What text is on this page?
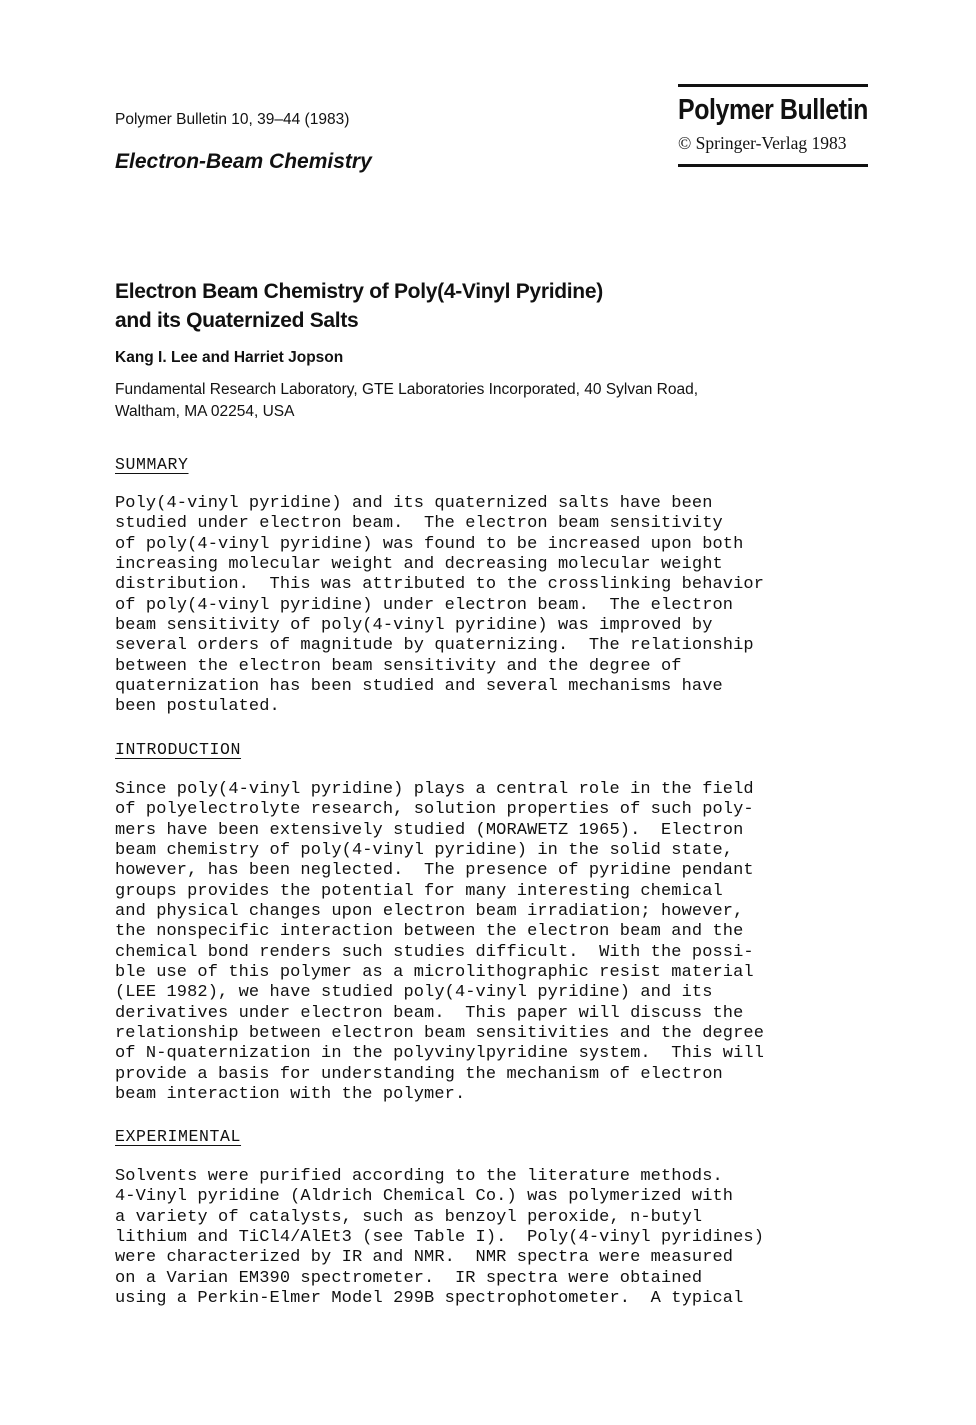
Polymer Bulletin 10, 39–44 (1983)
Electron-Beam Chemistry
Polymer Bulletin
© Springer-Verlag 1983
Electron Beam Chemistry of Poly(4-Vinyl Pyridine)
and its Quaternized Salts
Kang I. Lee and Harriet Jopson
Fundamental Research Laboratory, GTE Laboratories Incorporated, 40 Sylvan Road,
Waltham, MA 02254, USA
SUMMARY
Poly(4-vinyl pyridine) and its quaternized salts have been
studied under electron beam.  The electron beam sensitivity
of poly(4-vinyl pyridine) was found to be increased upon both
increasing molecular weight and decreasing molecular weight
distribution.  This was attributed to the crosslinking behavior
of poly(4-vinyl pyridine) under electron beam.  The electron
beam sensitivity of poly(4-vinyl pyridine) was improved by
several orders of magnitude by quaternizing.  The relationship
between the electron beam sensitivity and the degree of
quaternization has been studied and several mechanisms have
been postulated.
INTRODUCTION
Since poly(4-vinyl pyridine) plays a central role in the field
of polyelectrolyte research, solution properties of such poly-
mers have been extensively studied (MORAWETZ 1965).  Electron
beam chemistry of poly(4-vinyl pyridine) in the solid state,
however, has been neglected.  The presence of pyridine pendant
groups provides the potential for many interesting chemical
and physical changes upon electron beam irradiation; however,
the nonspecific interaction between the electron beam and the
chemical bond renders such studies difficult.  With the possi-
ble use of this polymer as a microlithographic resist material
(LEE 1982), we have studied poly(4-vinyl pyridine) and its
derivatives under electron beam.  This paper will discuss the
relationship between electron beam sensitivities and the degree
of N-quaternization in the polyvinylpyridine system.  This will
provide a basis for understanding the mechanism of electron
beam interaction with the polymer.
EXPERIMENTAL
Solvents were purified according to the literature methods.
4-Vinyl pyridine (Aldrich Chemical Co.) was polymerized with
a variety of catalysts, such as benzoyl peroxide, n-butyl
lithium and TiCl4/AlEt3 (see Table I).  Poly(4-vinyl pyridines)
were characterized by IR and NMR.  NMR spectra were measured
on a Varian EM390 spectrometer.  IR spectra were obtained
using a Perkin-Elmer Model 299B spectrophotometer.  A typical
